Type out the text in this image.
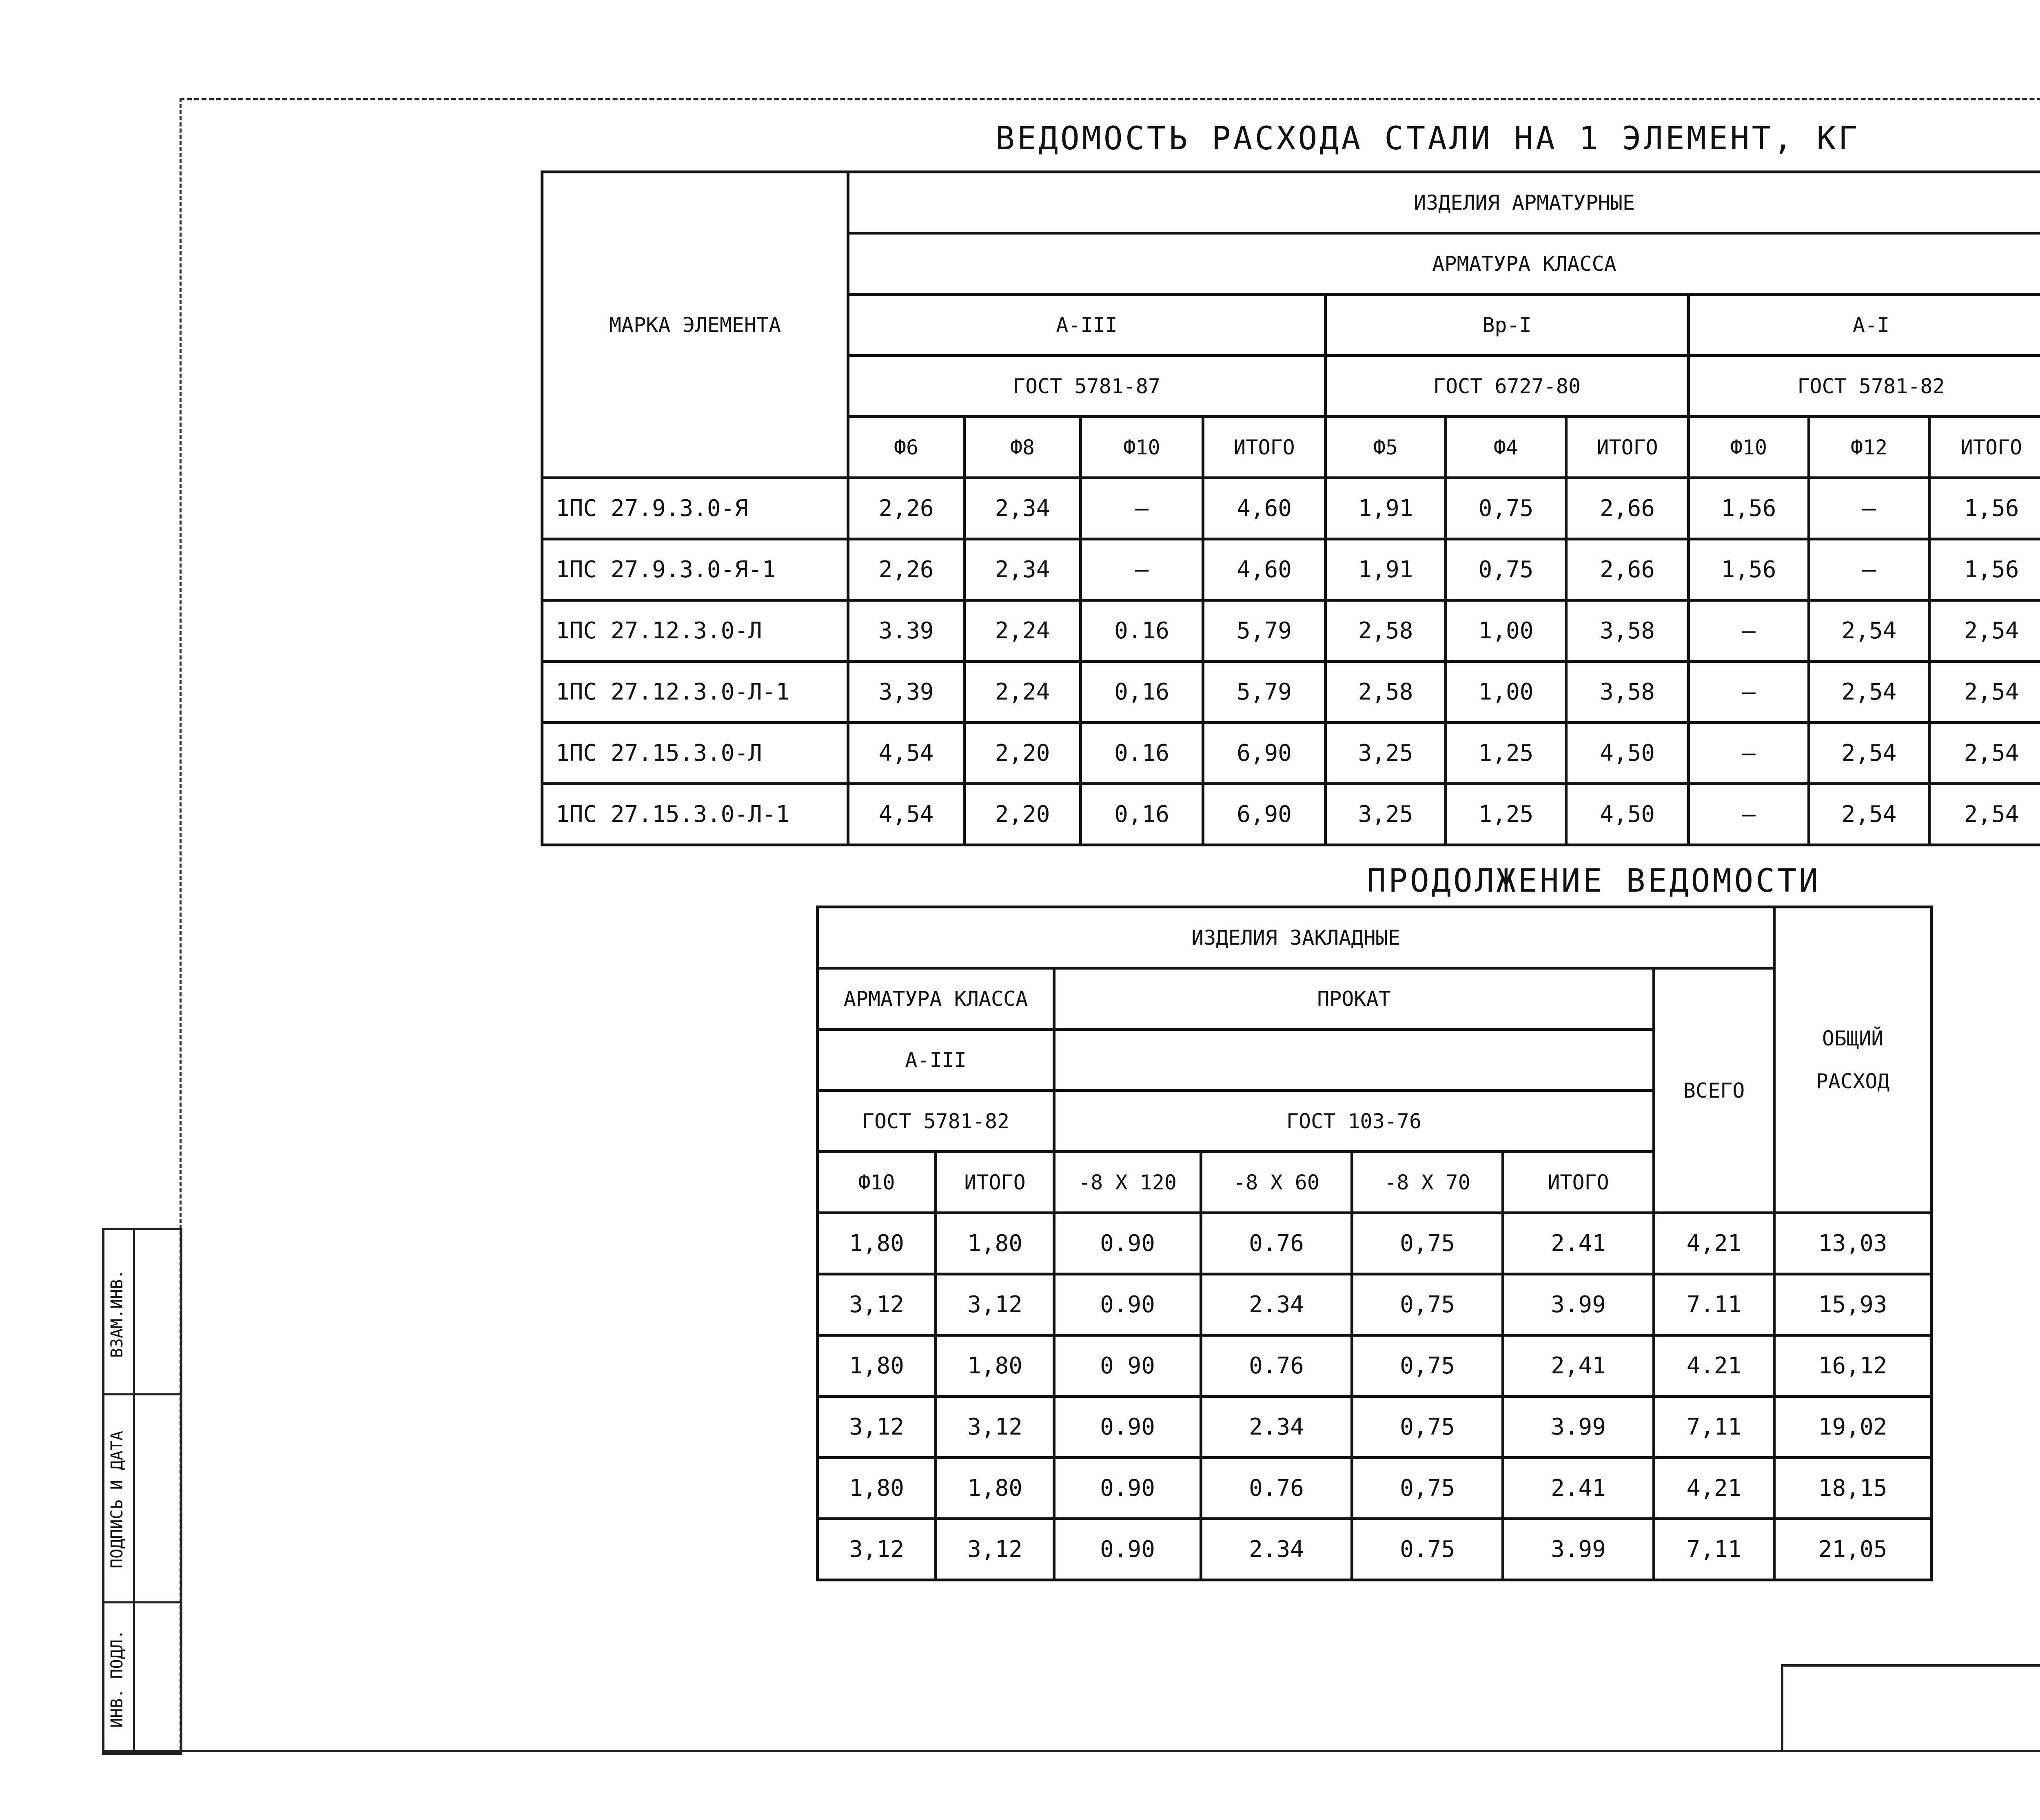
ВЕДОМОСТЬ РАСХОДА СТАЛИ НА 1 ЭЛЕМЕНТ, КГ
МАРКА ЭЛЕМЕНТА	ИЗДЕЛИЯ АРМАТУРНЫЕ										
	АРМАТУРА КЛАССА										
	А-III				Вр-I			А-I	
	ГОСТ 5781-87				ГОСТ 6727-80			ГОСТ 5781-82			
	Ф6	Ф8	Ф10	ИТОГО	Ф5	Ф4	ИТОГО	Ф10	Ф12	ИТОГО	
1ПС 27.9.3.0-Я	2,26	2,34	—	4,60	1,91	0,75	2,66	1,56	—	1,56	
1ПС 27.9.3.0-Я-1	2,26	2,34	—	4,60	1,91	0,75	2,66	1,56	—	1,56	
1ПС 27.12.3.0-Л	3.39	2,24	0.16	5,79	2,58	1,00	3,58	—	2,54	2,54	
1ПС 27.12.3.0-Л-1	3,39	2,24	0,16	5,79	2,58	1,00	3,58	—	2,54	2,54	
1ПС 27.15.3.0-Л	4,54	2,20	0.16	6,90	3,25	1,25	4,50	—	2,54	2,54	
1ПС 27.15.3.0-Л-1	4,54	2,20	0,16	6,90	3,25	1,25	4,50	—	2,54	2,54	
ПРОДОЛЖЕНИЕ ВЕДОМОСТИ
ИЗДЕЛИЯ ЗАКЛАДНЫЕ							ОБЩИЙ
РАСХОД
АРМАТУРА КЛАССА		ПРОКАТ				ВСЕГО	
А-III							
ГОСТ 5781-82		ГОСТ 103-76					
Ф10	ИТОГО	-8 Х 120	-8 Х 60	-8 Х 70	ИТОГО		
1,80	1,80	0.90	0.76	0,75	2.41	4,21	13,03
3,12	3,12	0.90	2.34	0,75	3.99	7.11	15,93
1,80	1,80	0 90	0.76	0,75	2,41	4.21	16,12
3,12	3,12	0.90	2.34	0,75	3.99	7,11	19,02
1,80	1,80	0.90	0.76	0,75	2.41	4,21	18,15
3,12	3,12	0.90	2.34	0.75	3.99	7,11	21,05
ВЗАМ.ИНВ.
ПОДПИСЬ И ДАТА
ИНВ. ПОДЛ.
